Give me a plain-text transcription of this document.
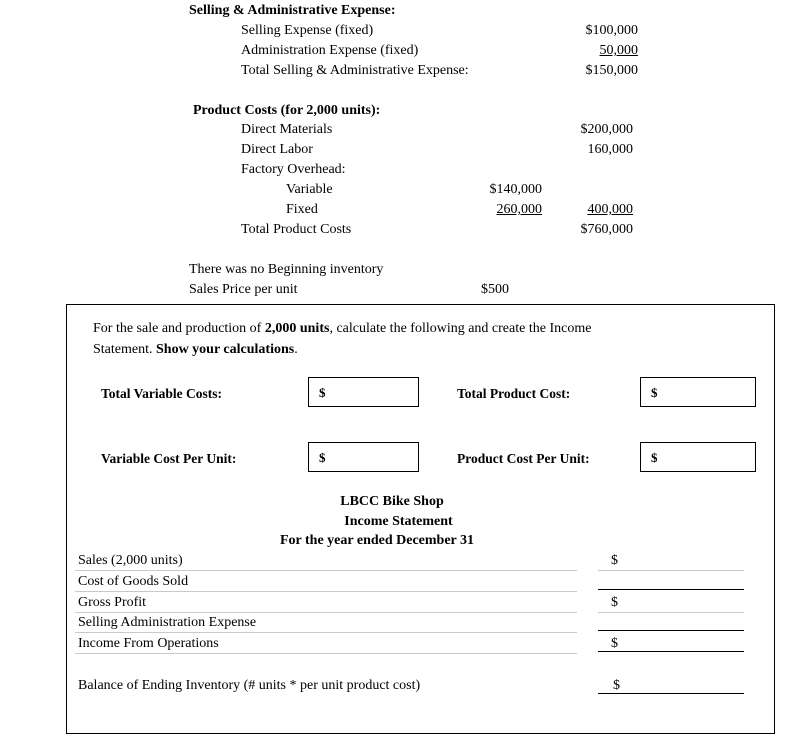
Selling & Administrative Expense:
Selling Expense (fixed)	$100,000
Administration Expense (fixed)	50,000
Total Selling & Administrative Expense:	$150,000
Product Costs (for 2,000 units):
Direct Materials	$200,000
Direct Labor	160,000
Factory Overhead:
Variable	$140,000
Fixed	260,000	400,000
Total Product Costs	$760,000
There was no Beginning inventory
Sales Price per unit	$500
For the sale and production of 2,000 units, calculate the following and create the Income
Statement. Show your calculations.
Total Variable Costs:	$	Total Product Cost:	$
Variable Cost Per Unit:	$	Product Cost Per Unit:	$
LBCC Bike Shop
Income Statement
For the year ended December 31
Sales (2,000 units)	$
Cost of Goods Sold
Gross Profit	$
Selling Administration Expense
Income From Operations	$
Balance of Ending Inventory (# units * per unit product cost)	$
